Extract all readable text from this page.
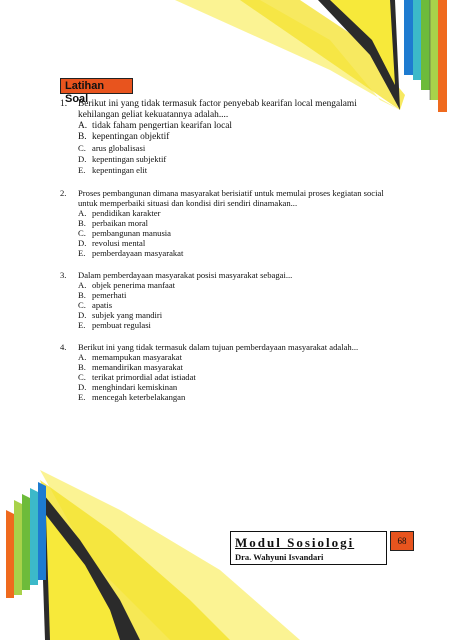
Latihan Soal
1.	Berikut ini yang tidak termasuk factor penyebab kearifan local mengalami kehilangan geliat kekuatannya adalah....
A. tidak faham pengertian kearifan local
B. kepentingan objektif
C. arus globalisasi
D. kepentingan subjektif
E. kepentingan elit
2.	Proses pembangunan dimana masyarakat berisiatif untuk memulai proses kegiatan social untuk memperbaiki situasi dan kondisi diri sendiri dinamakan...
A. pendidikan karakter
B. perbaikan moral
C. pembangunan manusia
D. revolusi mental
E. pemberdayaan masyarakat
3.	Dalam pemberdayaan masyarakat posisi masyarakat sebagai...
A. objek penerima manfaat
B. pemerhati
C. apatis
D. subjek yang mandiri
E. pembuat regulasi
4.	Berikut ini yang tidak termasuk dalam tujuan pemberdayaan masyarakat adalah...
A. memampukan masyarakat
B. memandirikan masyarakat
C. terikat primordial adat istiadat
D. menghindari kemiskinan
E. mencegah keterbelakangan
Modul Sosiologi
Dra. Wahyuni Isvandari
68
